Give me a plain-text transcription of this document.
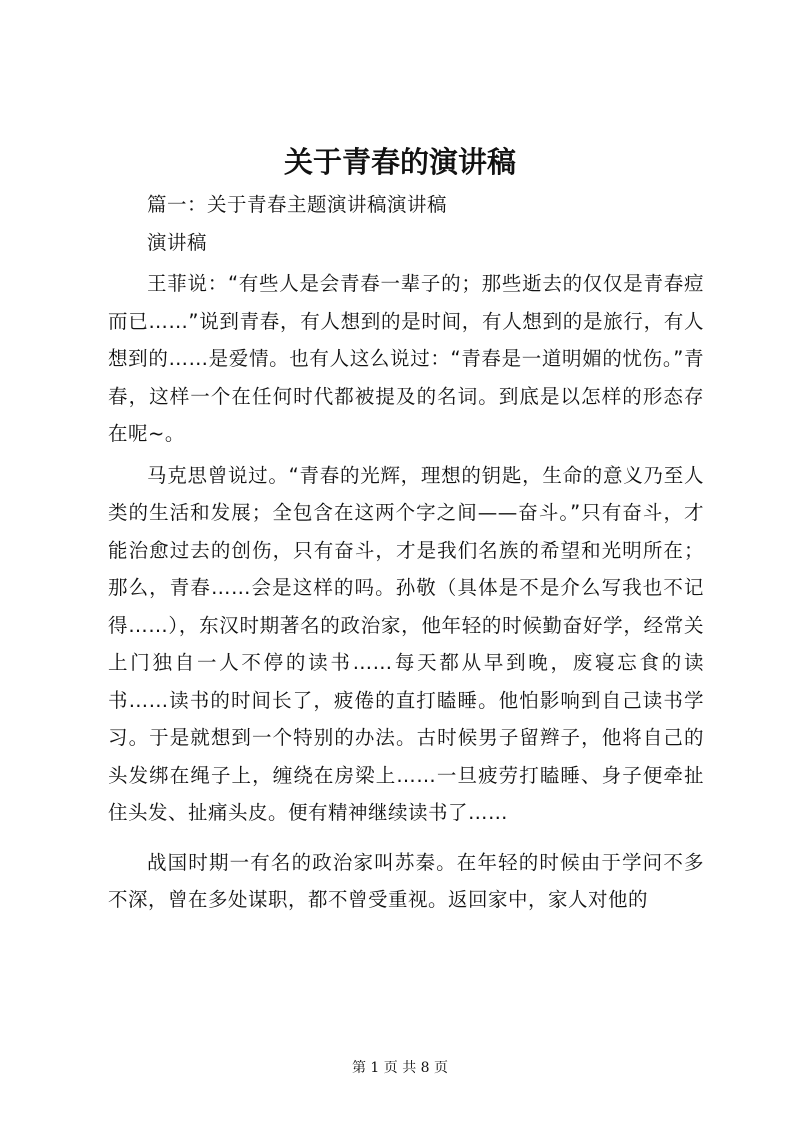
关于青春的演讲稿

篇一：关于青春主题演讲稿演讲稿

演讲稿

王菲说：“有些人是会青春一辈子的；那些逝去的仅仅是青春痘而已……”说到青春，有人想到的是时间，有人想到的是旅行，有人想到的……是爱情。也有人这么说过：“青春是一道明媚的忧伤。”青春，这样一个在任何时代都被提及的名词。到底是以怎样的形态存在呢~。

马克思曾说过。“青春的光辉，理想的钥匙，生命的意义乃至人类的生活和发展；全包含在这两个字之间——奋斗。”只有奋斗，才能治愈过去的创伤，只有奋斗，才是我们名族的希望和光明所在；那么，青春……会是这样的吗。孙敬（具体是不是介么写我也不记得……），东汉时期著名的政治家，他年轻的时候勤奋好学，经常关上门独自一人不停的读书……每天都从早到晚，废寝忘食的读书……读书的时间长了，疲倦的直打瞌睡。他怕影响到自己读书学习。于是就想到一个特别的办法。古时候男子留辫子，他将自己的头发绑在绳子上，缠绕在房梁上……一旦疲劳打瞌睡、身子便牵扯住头发、扯痛头皮。便有精神继续读书了……

战国时期一有名的政治家叫苏秦。在年轻的时候由于学问不多不深，曾在多处谋职，都不曾受重视。返回家中，家人对他的

第 1 页 共 8 页
